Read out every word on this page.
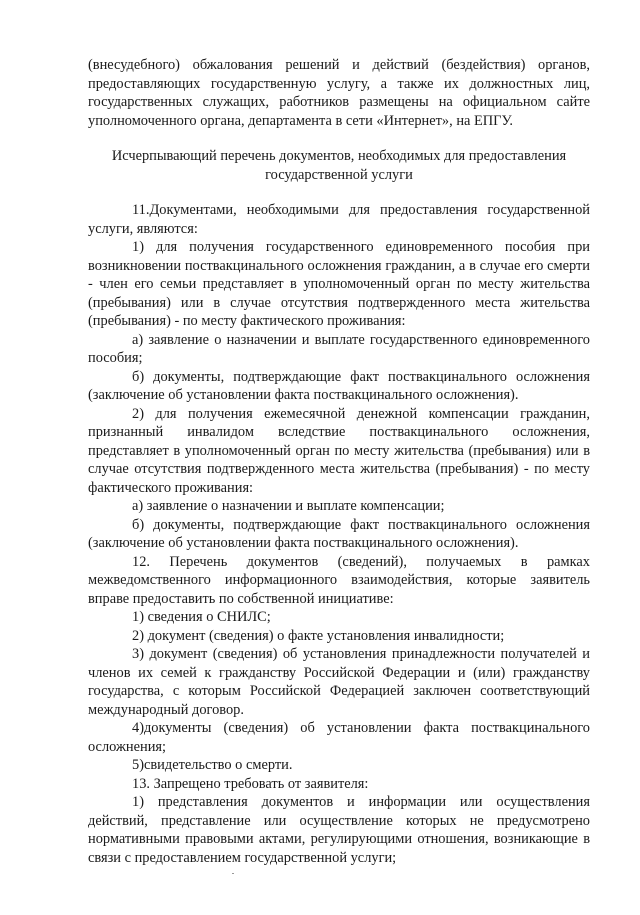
(внесудебного) обжалования решений и действий (бездействия) органов, предоставляющих государственную услугу, а также их должностных лиц, государственных служащих, работников размещены на официальном сайте уполномоченного органа, департамента в сети «Интернет», на ЕПГУ.

Исчерпывающий перечень документов, необходимых для предоставления
государственной услуги

11.Документами, необходимыми для предоставления государственной услуги, являются:

1) для получения государственного единовременного пособия при возникновении поствакцинального осложнения гражданин, а в случае его смерти - член его семьи представляет в уполномоченный орган по месту жительства (пребывания) или в случае отсутствия подтвержденного места жительства (пребывания) - по месту фактического проживания:

а) заявление о назначении и выплате государственного единовременного пособия;

б) документы, подтверждающие факт поствакцинального осложнения (заключение об установлении факта поствакцинального осложнения).

2) для получения ежемесячной денежной компенсации гражданин, признанный инвалидом вследствие поствакцинального осложнения, представляет в уполномоченный орган по месту жительства (пребывания) или в случае отсутствия подтвержденного места жительства (пребывания) - по месту фактического проживания:

а) заявление о назначении и выплате компенсации;

б) документы, подтверждающие факт поствакцинального осложнения (заключение об установлении факта поствакцинального осложнения).

12. Перечень документов (сведений), получаемых в рамках межведомственного информационного взаимодействия, которые заявитель вправе предоставить по собственной инициативе:

1) сведения о СНИЛС;

2) документ (сведения) о факте установления инвалидности;

3) документ (сведения) об установления принадлежности получателей и членов их семей к гражданству Российской Федерации и (или) гражданству государства, с которым Российской Федерацией заключен соответствующий международный договор.

4)документы (сведения) об установлении факта поствакцинального осложнения;

5)свидетельство о смерти.

13. Запрещено требовать от заявителя:

1) представления документов и информации или осуществления действий, представление или осуществление которых не предусмотрено нормативными правовыми актами, регулирующими отношения, возникающие в связи с предоставлением государственной услуги;
